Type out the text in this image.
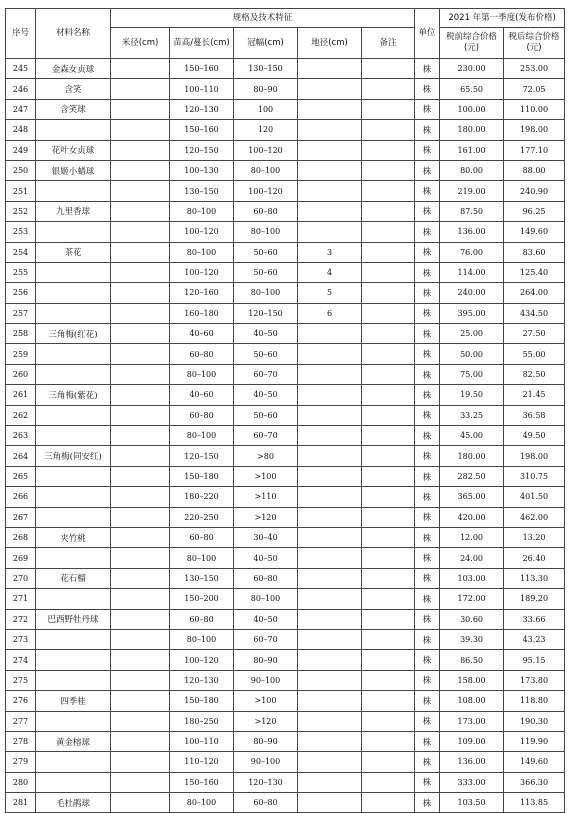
序号	材料名称	规格及技术特征					单位	2021 年第一季度(发布价格)	
		米径(cm)	苗高/蔓长(cm)	冠幅(cm)	地径(cm)	备注		税前综合价格(元)	税后综合价格(元)
245	金森女贞球		150–160	130–150			株	230.00	253.00
246	含笑		100–110	80–90			株	65.50	72.05
247	含笑球		120–130	100			株	100.00	110.00
248			150–160	120			株	180.00	198.00
249	花叶女贞球		120–150	100–120			株	161.00	177.10
250	银姬小蜡球		100–130	80–100			株	80.00	88.00
251			130–150	100–120			株	219.00	240.90
252	九里香球		80–100	60–80			株	87.50	96.25
253			100–120	80–100			株	136.00	149.60
254	茶花		80–100	50–60	3		株	76.00	83.60
255			100–120	50–60	4		株	114.00	125.40
256			120–160	80–100	5		株	240.00	264.00
257			160–180	120–150	6		株	395.00	434.50
258	三角梅(红花)		40–60	40–50			株	25.00	27.50
259			60–80	50–60			株	50.00	55.00
260			80–100	60–70			株	75.00	82.50
261	三角梅(紫花)		40–60	40–50			株	19.50	21.45
262			60–80	50–60			株	33.25	36.58
263			80–100	60–70			株	45.00	49.50
264	三角梅(同安红)		120–150	>80			株	180.00	198.00
265			150–180	>100			株	282.50	310.75
266			180–220	>110			株	365.00	401.50
267			220–250	>120			株	420.00	462.00
268	夹竹桃		60–80	30–40			株	12.00	13.20
269			80–100	40–50			株	24.00	26.40
270	花石榴		130–150	60–80			株	103.00	113.30
271			150–200	80–100			株	172.00	189.20
272	巴西野牡丹球		60–80	40–50			株	30.60	33.66
273			80–100	60–70			株	39.30	43.23
274			100–120	80–90			株	86.50	95.15
275			120–130	90–100			株	158.00	173.80
276	四季桂		150–180	>100			株	108.00	118.80
277			180–250	>120			株	173.00	190.30
278	黄金榕球		100–110	80–90			株	109.00	119.90
279			110–120	90–100			株	136.00	149.60
280			150–160	120–130			株	333.00	366.30
281	毛杜鹃球		80–100	60–80			株	103.50	113.85
